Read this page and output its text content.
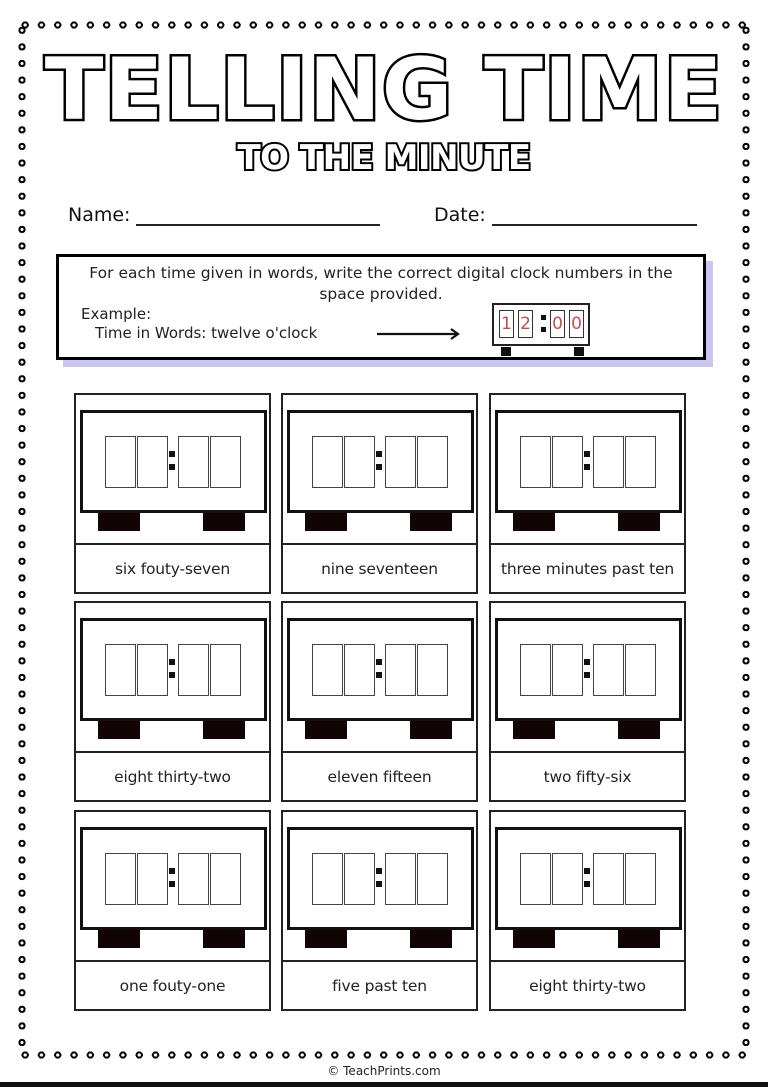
TELLING TIME
TO THE MINUTE
Name:	Date:
For each time given in words, write the correct digital clock numbers in the space provided.
Example:
Time in Words: twelve o'clock	1 2 0 0
six fouty-seven	nine seventeen	three minutes past ten
eight thirty-two	eleven fifteen	two fifty-six
one fouty-one	five past ten	eight thirty-two
© TeachPrints.com
